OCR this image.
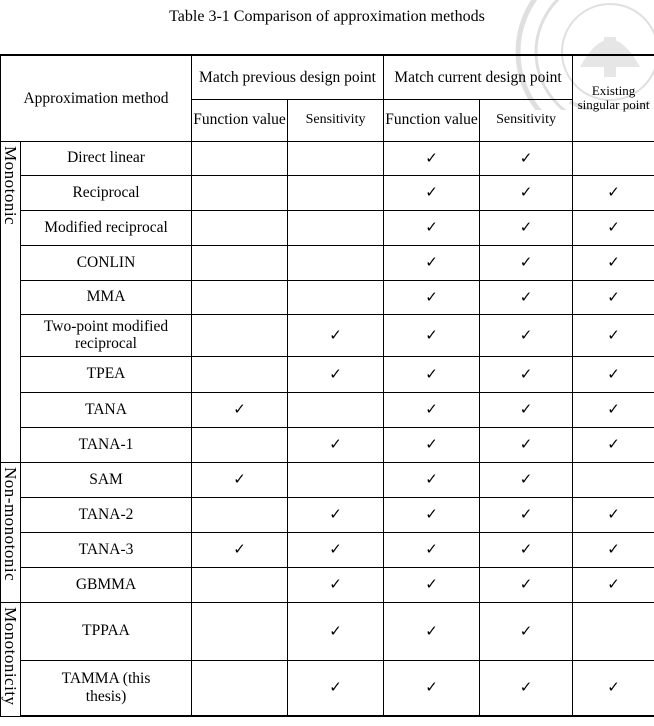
Table 3-1 Comparison of approximation methods
Approximation method		Match previous design point		Match current design point		Existing singular point
		Function value	Sensitivity	Function value	Sensitivity	
Monotonic	Direct linear			✓	✓	
	Reciprocal			✓	✓	✓
	Modified reciprocal			✓	✓	✓
	CONLIN			✓	✓	✓
	MMA			✓	✓	✓
	Two-point modified reciprocal		✓	✓	✓	✓
	TPEA		✓	✓	✓	✓
	TANA	✓		✓	✓	✓
	TANA-1		✓	✓	✓	✓
Non-monotonic	SAM	✓		✓	✓	
	TANA-2		✓	✓	✓	✓
	TANA-3	✓	✓	✓	✓	✓
	GBMMA		✓	✓	✓	✓
Monotonicity	TPPAA		✓	✓	✓	
	TAMMA (this thesis)		✓	✓	✓	✓
